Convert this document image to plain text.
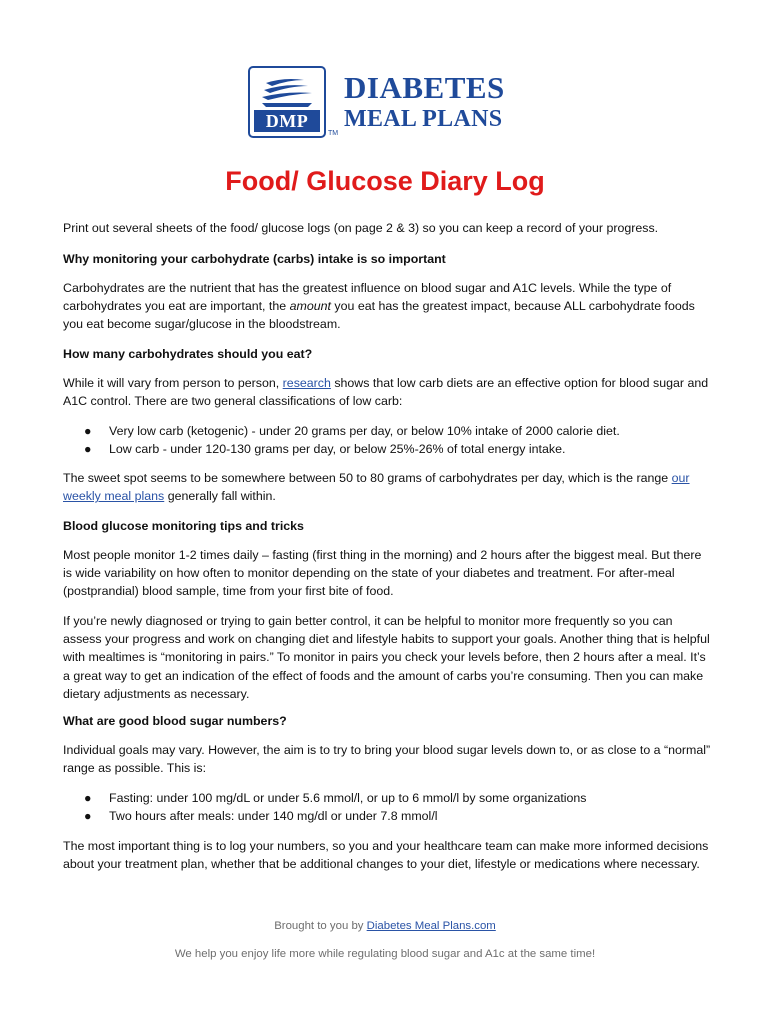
DMP
TM
DIABETES
MEAL PLANS
Food/ Glucose Diary Log

Print out several sheets of the food/ glucose logs (on page 2 & 3) so you can keep a record of your progress.

Why monitoring your carbohydrate (carbs) intake is so important

Carbohydrates are the nutrient that has the greatest influence on blood sugar and A1C levels. While the type of carbohydrates you eat are important, the amount you eat has the greatest impact, because ALL carbohydrate foods you eat become sugar/glucose in the bloodstream.

How many carbohydrates should you eat?

While it will vary from person to person, research shows that low carb diets are an effective option for blood sugar and A1C control. There are two general classifications of low carb:

● Very low carb (ketogenic) - under 20 grams per day, or below 10% intake of 2000 calorie diet.
● Low carb - under 120-130 grams per day, or below 25%-26% of total energy intake.

The sweet spot seems to be somewhere between 50 to 80 grams of carbohydrates per day, which is the range our weekly meal plans generally fall within.

Blood glucose monitoring tips and tricks

Most people monitor 1-2 times daily – fasting (first thing in the morning) and 2 hours after the biggest meal. But there is wide variability on how often to monitor depending on the state of your diabetes and treatment. For after-meal (postprandial) blood sample, time from your first bite of food.

If you’re newly diagnosed or trying to gain better control, it can be helpful to monitor more frequently so you can assess your progress and work on changing diet and lifestyle habits to support your goals. Another thing that is helpful with mealtimes is “monitoring in pairs.” To monitor in pairs you check your levels before, then 2 hours after a meal. It’s a great way to get an indication of the effect of foods and the amount of carbs you’re consuming. Then you can make dietary adjustments as necessary.

What are good blood sugar numbers?

Individual goals may vary. However, the aim is to try to bring your blood sugar levels down to, or as close to a “normal” range as possible. This is:

● Fasting: under 100 mg/dL or under 5.6 mmol/l, or up to 6 mmol/l by some organizations
● Two hours after meals: under 140 mg/dl or under 7.8 mmol/l

The most important thing is to log your numbers, so you and your healthcare team can make more informed decisions about your treatment plan, whether that be additional changes to your diet, lifestyle or medications where necessary.

Brought to you by Diabetes Meal Plans.com
We help you enjoy life more while regulating blood sugar and A1c at the same time!
